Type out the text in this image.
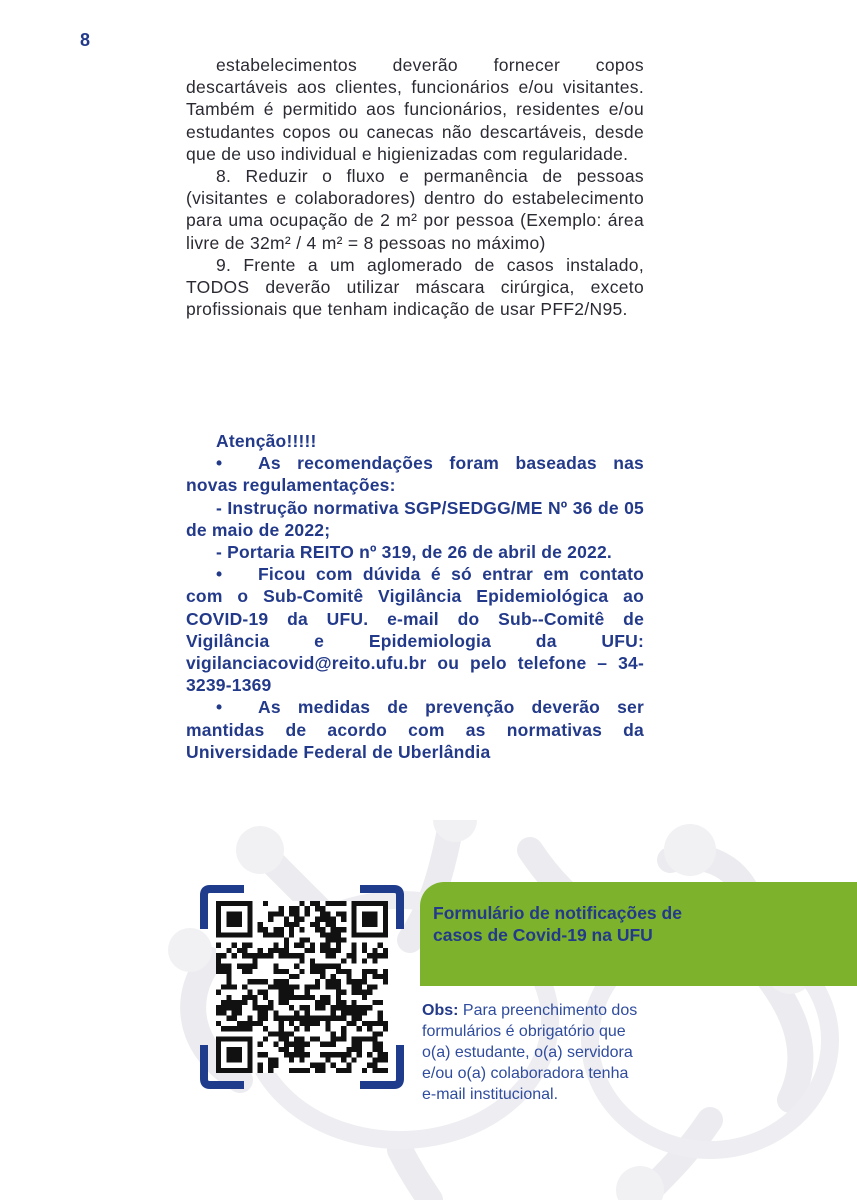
8

estabelecimentos deverão fornecer copos descartáveis aos clientes, funcionários e/ou visitantes. Também é permitido aos funcionários, residentes e/ou estudantes copos ou canecas não descartáveis, desde que de uso individual e higienizadas com regularidade.

8. Reduzir o fluxo e permanência de pessoas (visitantes e colaboradores) dentro do estabelecimento para uma ocupação de 2 m² por pessoa (Exemplo: área livre de 32m² / 4 m² = 8 pessoas no máximo)

9. Frente a um aglomerado de casos instalado, TODOS deverão utilizar máscara cirúrgica, exceto profissionais que tenham indicação de usar PFF2/N95.

Atenção!!!!!

• As recomendações foram baseadas nas novas regulamentações:

- Instrução normativa SGP/SEDGG/ME Nº 36 de 05 de maio de 2022;

- Portaria REITO nº 319, de 26 de abril de 2022.

• Ficou com dúvida é só entrar em contato com o Sub-Comitê Vigilância Epidemiológica ao COVID-19 da UFU. e-mail do Sub--Comitê de Vigilância e Epidemiologia da UFU: vigilanciacovid@reito.ufu.br ou pelo telefone – 34-3239-1369

• As medidas de prevenção deverão ser mantidas de acordo com as normativas da Universidade Federal de Uberlândia

Formulário de notificações de casos de Covid-19 na UFU
Obs: Para preenchimento dos formulários é obrigatório que o(a) estudante, o(a) servidora e/ou o(a) colaboradora tenha e-mail institucional.
